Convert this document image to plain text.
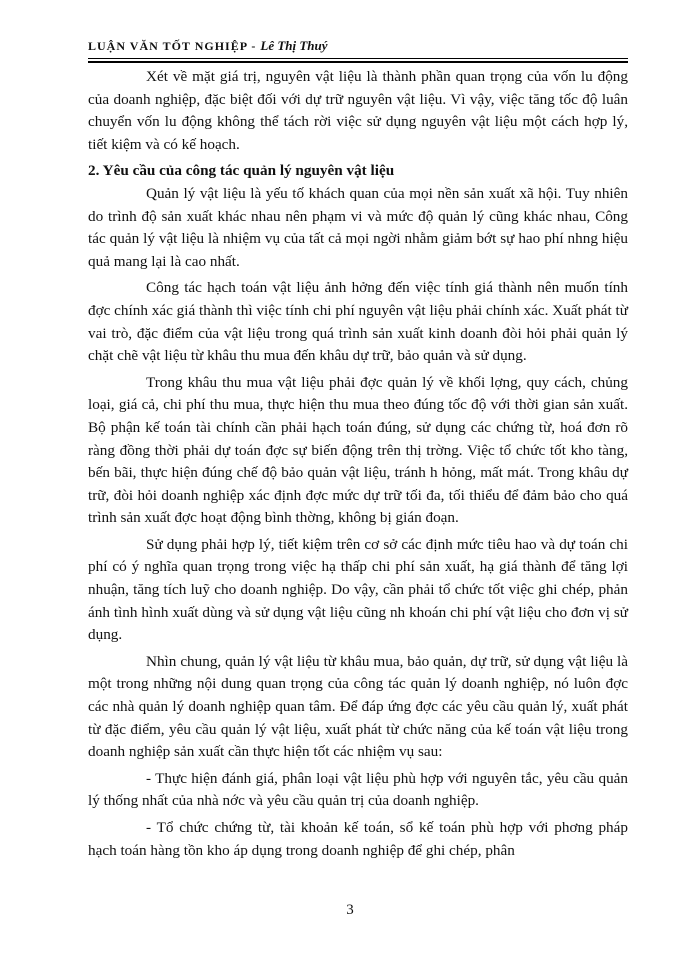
LUẬN VĂN TỐT NGHIỆP - Lê Thị Thuý

Xét về mặt giá trị, nguyên vật liệu là thành phần quan trọng của vốn lu động của doanh nghiệp, đặc biệt đối với dự trữ nguyên vật liệu. Vì vậy, việc tăng tốc độ luân chuyển vốn lu động không thể tách rời việc sử dụng nguyên vật liệu một cách hợp lý, tiết kiệm và có kế hoạch.

2. Yêu cầu của công tác quản lý nguyên vật liệu

Quản lý vật liệu là yếu tố khách quan của mọi nền sản xuất xã hội. Tuy nhiên do trình độ sản xuất khác nhau nên phạm vi và mức độ quản lý cũng khác nhau, Công tác quản lý vật liệu là nhiệm vụ của tất cả mọi ngời nhằm giảm bớt sự hao phí nhng hiệu quả mang lại là cao nhất.

Công tác hạch toán vật liệu ảnh hởng đến việc tính giá thành nên muốn tính đợc chính xác giá thành thì việc tính chi phí nguyên vật liệu phải chính xác. Xuất phát từ vai trò, đặc điểm của vật liệu trong quá trình sản xuất kinh doanh đòi hỏi phải quản lý chặt chẽ vật liệu từ khâu thu mua đến khâu dự trữ, bảo quản và sử dụng.

Trong khâu thu mua vật liệu phải đợc quản lý về khối lợng, quy cách, chủng loại, giá cả, chi phí thu mua, thực hiện thu mua theo đúng tốc độ với thời gian sản xuất. Bộ phận kế toán tài chính cần phải hạch toán đúng, sử dụng các chứng từ, hoá đơn rõ ràng đồng thời phải dự toán đợc sự biến động trên thị trờng. Việc tổ chức tốt kho tàng, bến bãi, thực hiện đúng chế độ bảo quản vật liệu, tránh h hỏng, mất mát. Trong khâu dự trữ, đòi hỏi doanh nghiệp xác định đợc mức dự trữ tối đa, tối thiểu để đảm bảo cho quá trình sản xuất đợc hoạt động bình thờng, không bị gián đoạn.

Sử dụng phải hợp lý, tiết kiệm trên cơ sở các định mức tiêu hao và dự toán chi phí có ý nghĩa quan trọng trong việc hạ thấp chi phí sản xuất, hạ giá thành để tăng lợi nhuận, tăng tích luỹ cho doanh nghiệp. Do vậy, cần phải tổ chức tốt việc ghi chép, phản ánh tình hình xuất dùng và sử dụng vật liệu cũng nh khoán chi phí vật liệu cho đơn vị sử dụng.

Nhìn chung, quản lý vật liệu từ khâu mua, bảo quản, dự trữ, sử dụng vật liệu là một trong những nội dung quan trọng của công tác quản lý doanh nghiệp, nó luôn đợc các nhà quản lý doanh nghiệp quan tâm. Để đáp ứng đợc các yêu cầu quản lý, xuất phát từ đặc điểm, yêu cầu quản lý vật liệu, xuất phát từ chức năng của kế toán vật liệu trong doanh nghiệp sản xuất cần thực hiện tốt các nhiệm vụ sau:

- Thực hiện đánh giá, phân loại vật liệu phù hợp với nguyên tắc, yêu cầu quản lý thống nhất của nhà nớc và yêu cầu quản trị của doanh nghiệp.

- Tổ chức chứng từ, tài khoản kế toán, sổ kế toán phù hợp với phơng pháp hạch toán hàng tồn kho áp dụng trong doanh nghiệp để ghi chép, phân

3
